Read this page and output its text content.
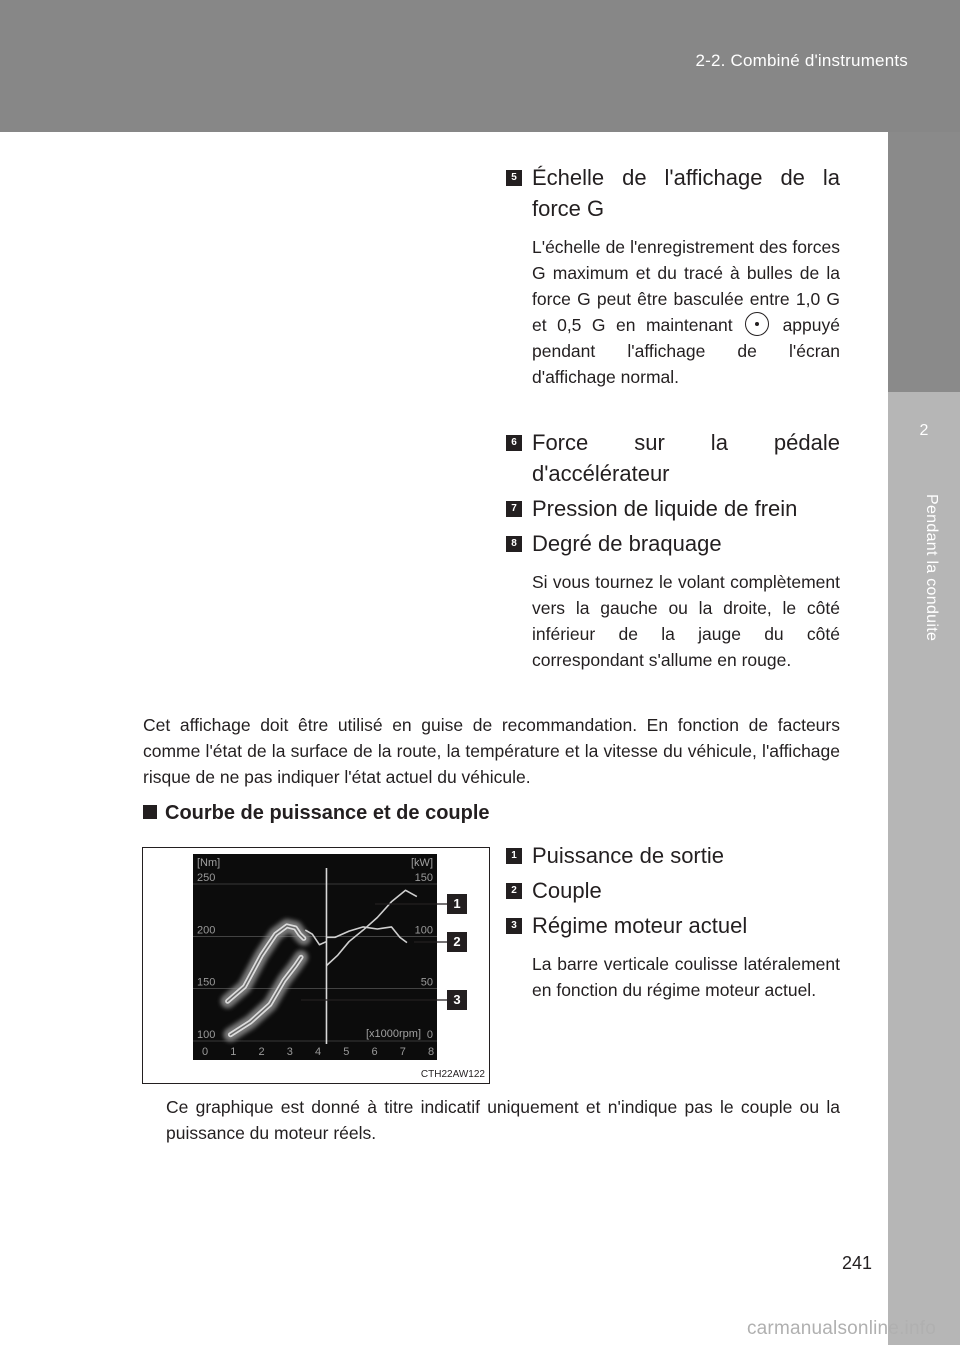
2-2. Combiné d'instruments
2
Pendant la conduite
5 Échelle de l'affichage de la force G
L'échelle de l'enregistrement des forces G maximum et du tracé à bulles de la force G peut être basculée entre 1,0 G et 0,5 G en maintenant	appuyé pendant l'affichage de l'écran d'affichage normal.
6 Force sur la pédale d'accélérateur
7 Pression de liquide de frein
8 Degré de braquage
Si vous tournez le volant complètement vers la gauche ou la droite, le côté inférieur de la jauge du côté correspondant s'allume en rouge.
Cet affichage doit être utilisé en guise de recommandation. En fonction de facteurs comme l'état de la surface de la route, la température et la vitesse du véhicule, l'affichage risque de ne pas indiquer l'état actuel du véhicule.
Courbe de puissance et de couple
250
200
150
100
150
100
50
0
0 1 2 3 4 5 6 7 8
[Nm]	[kW]
[x1000rpm]
1
2
3
CTH22AW122
1 Puissance de sortie
2 Couple
3 Régime moteur actuel
La barre verticale coulisse latéralement en fonction du régime moteur actuel.
Ce graphique est donné à titre indicatif uniquement et n'indique pas le couple ou la puissance du moteur réels.
241
carmanualsonline.info
